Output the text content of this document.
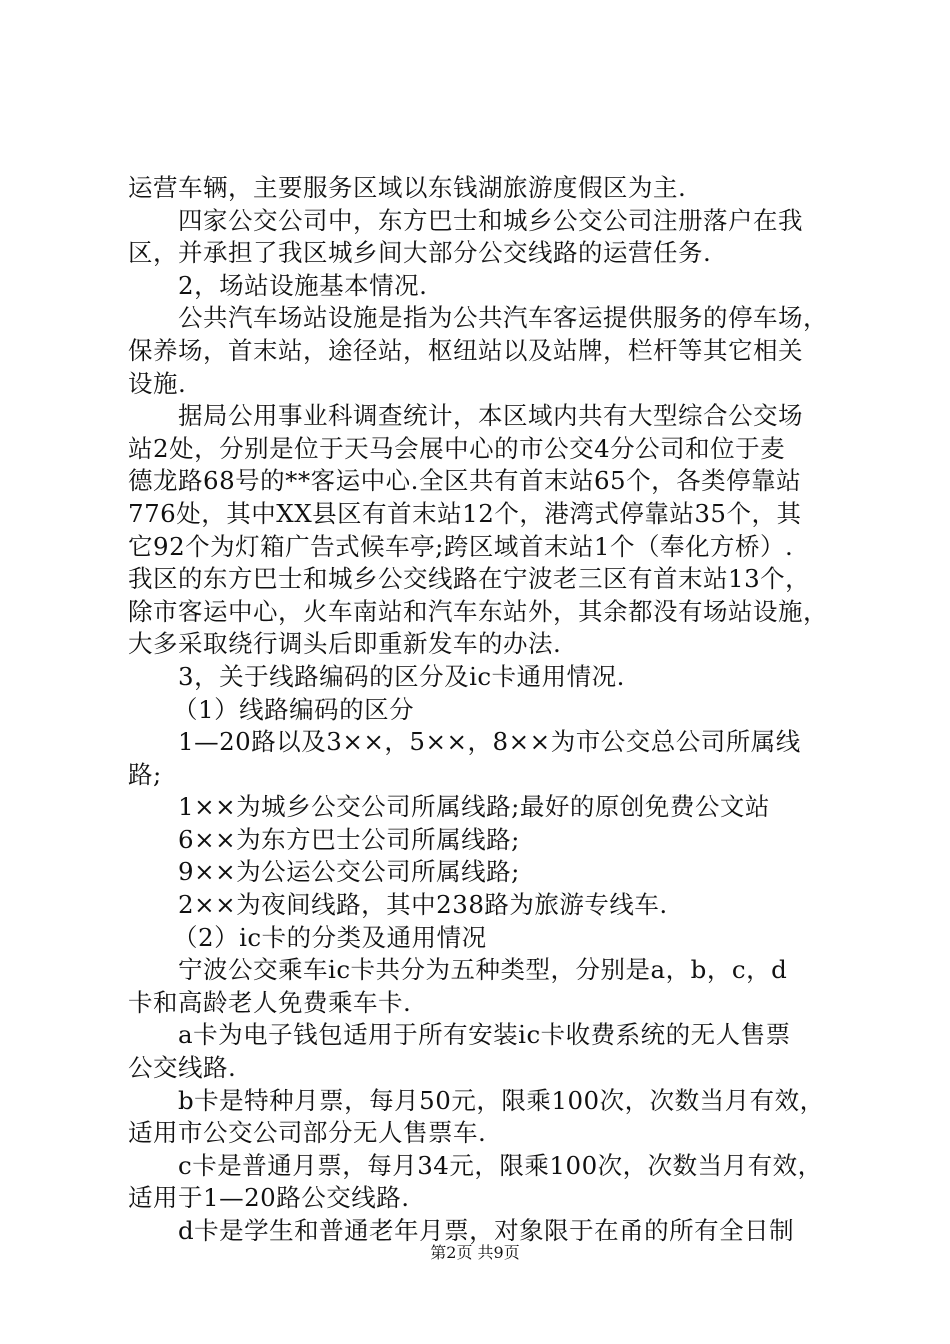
运营车辆，主要服务区域以东钱湖旅游度假区为主.
四家公交公司中，东方巴士和城乡公交公司注册落户在我
区，并承担了我区城乡间大部分公交线路的运营任务.
2，场站设施基本情况.
公共汽车场站设施是指为公共汽车客运提供服务的停车场，
保养场，首末站，途径站，枢纽站以及站牌，栏杆等其它相关
设施.
据局公用事业科调查统计，本区域内共有大型综合公交场
站2处，分别是位于天马会展中心的市公交4分公司和位于麦
德龙路68号的**客运中心.全区共有首末站65个，各类停靠站
776处，其中XX县区有首末站12个，港湾式停靠站35个，其
它92个为灯箱广告式候车亭;跨区域首末站1个（奉化方桥）.
我区的东方巴士和城乡公交线路在宁波老三区有首末站13个，
除市客运中心，火车南站和汽车东站外，其余都没有场站设施，
大多采取绕行调头后即重新发车的办法.
3，关于线路编码的区分及ic卡通用情况.
（1）线路编码的区分
1—20路以及3××，5××，8××为市公交总公司所属线
路;
1××为城乡公交公司所属线路;最好的原创免费公文站
6××为东方巴士公司所属线路;
9××为公运公交公司所属线路;
2××为夜间线路，其中238路为旅游专线车.
（2）ic卡的分类及通用情况
宁波公交乘车ic卡共分为五种类型，分别是a，b，c，d
卡和高龄老人免费乘车卡.
a卡为电子钱包适用于所有安装ic卡收费系统的无人售票
公交线路.
b卡是特种月票，每月50元，限乘100次，次数当月有效，
适用市公交公司部分无人售票车.
c卡是普通月票，每月34元，限乘100次，次数当月有效，
适用于1—20路公交线路.
d卡是学生和普通老年月票，对象限于在甬的所有全日制
第2页 共9页
